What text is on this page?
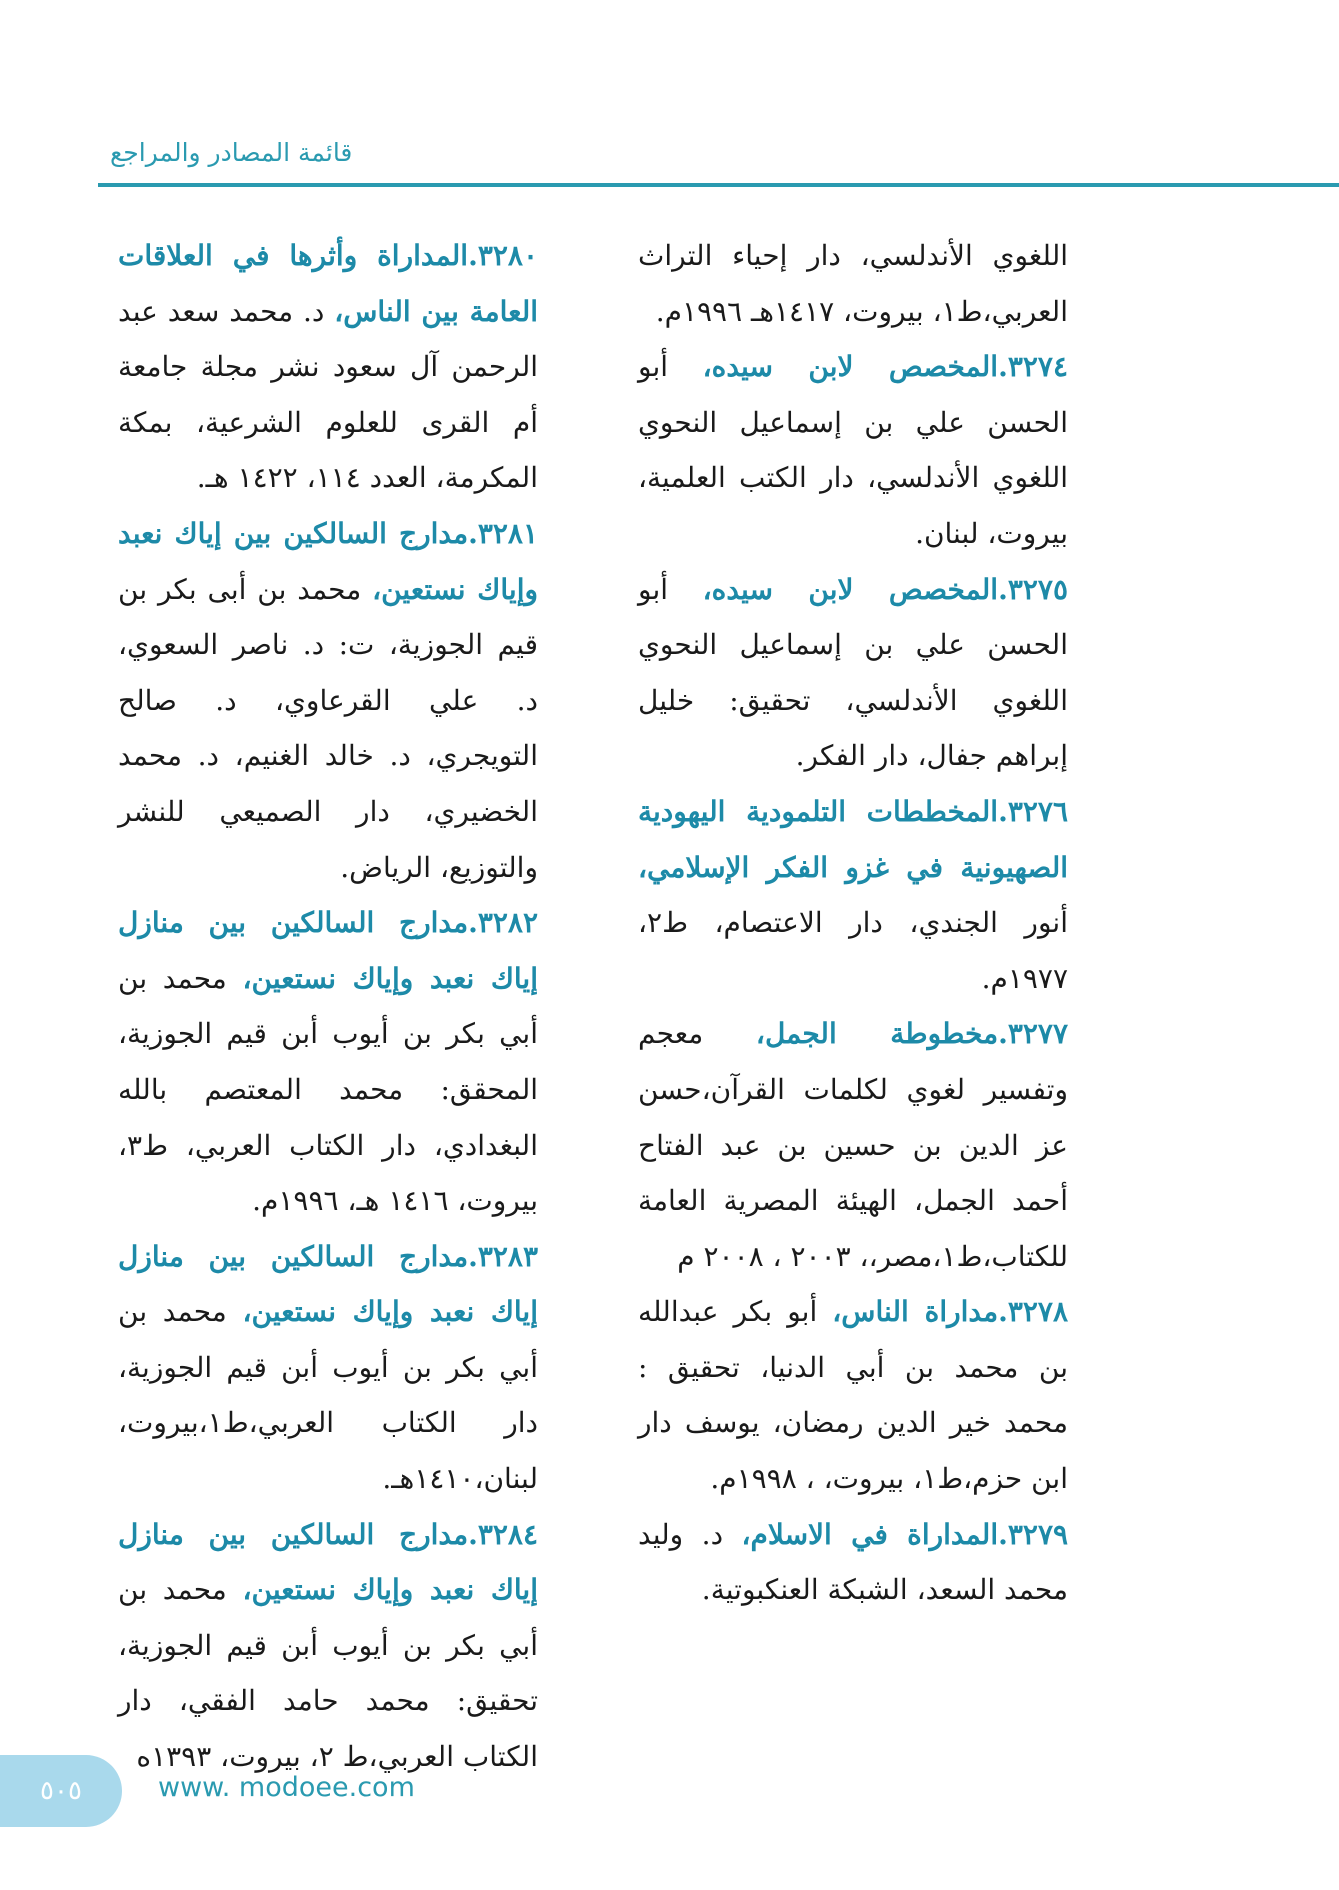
قائمة المصادر والمراجع

اللغوي الأندلسي، دار إحياء التراث العربي،ط١، بيروت، ١٤١٧هـ ١٩٩٦م.

٣٢٧٤.المخصص لابن سيده، أبو الحسن علي بن إسماعيل النحوي اللغوي الأندلسي، دار الكتب العلمية، بيروت، لبنان.

٣٢٧٥.المخصص لابن سيده، أبو الحسن علي بن إسماعيل النحوي اللغوي الأندلسي، تحقيق: خليل إبراهم جفال، دار الفكر.

٣٢٧٦.المخططات التلمودية اليهودية الصهيونية في غزو الفكر الإسلامي، أنور الجندي، دار الاعتصام، ط٢، ١٩٧٧م.

٣٢٧٧.مخطوطة الجمل، معجم وتفسير لغوي لكلمات القرآن،حسن عز الدين بن حسين بن عبد الفتاح أحمد الجمل، الهيئة المصرية العامة للكتاب،ط١،مصر،، ٢٠٠٣ ، ٢٠٠٨ م

٣٢٧٨.مداراة الناس، أبو بكر عبدالله بن محمد بن أبي الدنيا، تحقيق : محمد خير الدين رمضان، يوسف دار ابن حزم،ط١، بيروت، ، ١٩٩٨م.

٣٢٧٩.المداراة في الاسلام، د. وليد محمد السعد، الشبكة العنكبوتية.

٣٢٨٠.المداراة وأثرها في العلاقات العامة بين الناس، د. محمد سعد عبد الرحمن آل سعود نشر مجلة جامعة أم القرى للعلوم الشرعية، بمكة المكرمة، العدد ١١٤، ١٤٢٢ هـ.

٣٢٨١.مدارج السالكين بين إياك نعبد وإياك نستعين، محمد بن أبى بكر بن قيم الجوزية، ت: د. ناصر السعوي، د. علي القرعاوي، د. صالح التويجري، د. خالد الغنيم، د. محمد الخضيري، دار الصميعي للنشر والتوزيع، الرياض.

٣٢٨٢.مدارج السالكين بين منازل إياك نعبد وإياك نستعين، محمد بن أبي بكر بن أيوب أبن قيم الجوزية، المحقق: محمد المعتصم بالله البغدادي، دار الكتاب العربي، ط٣، بيروت، ١٤١٦ هـ، ١٩٩٦م.

٣٢٨٣.مدارج السالكين بين منازل إياك نعبد وإياك نستعين، محمد بن أبي بكر بن أيوب أبن قيم الجوزية، دار الكتاب العربي،ط١،بيروت، لبنان،١٤١٠هـ.

٣٢٨٤.مدارج السالكين بين منازل إياك نعبد وإياك نستعين، محمد بن أبي بكر بن أيوب أبن قيم الجوزية، تحقيق: محمد حامد الفقي، دار الكتاب العربي،ط ٢، بيروت، ١٣٩٣ه

٥٠٥	www. modoee.com
